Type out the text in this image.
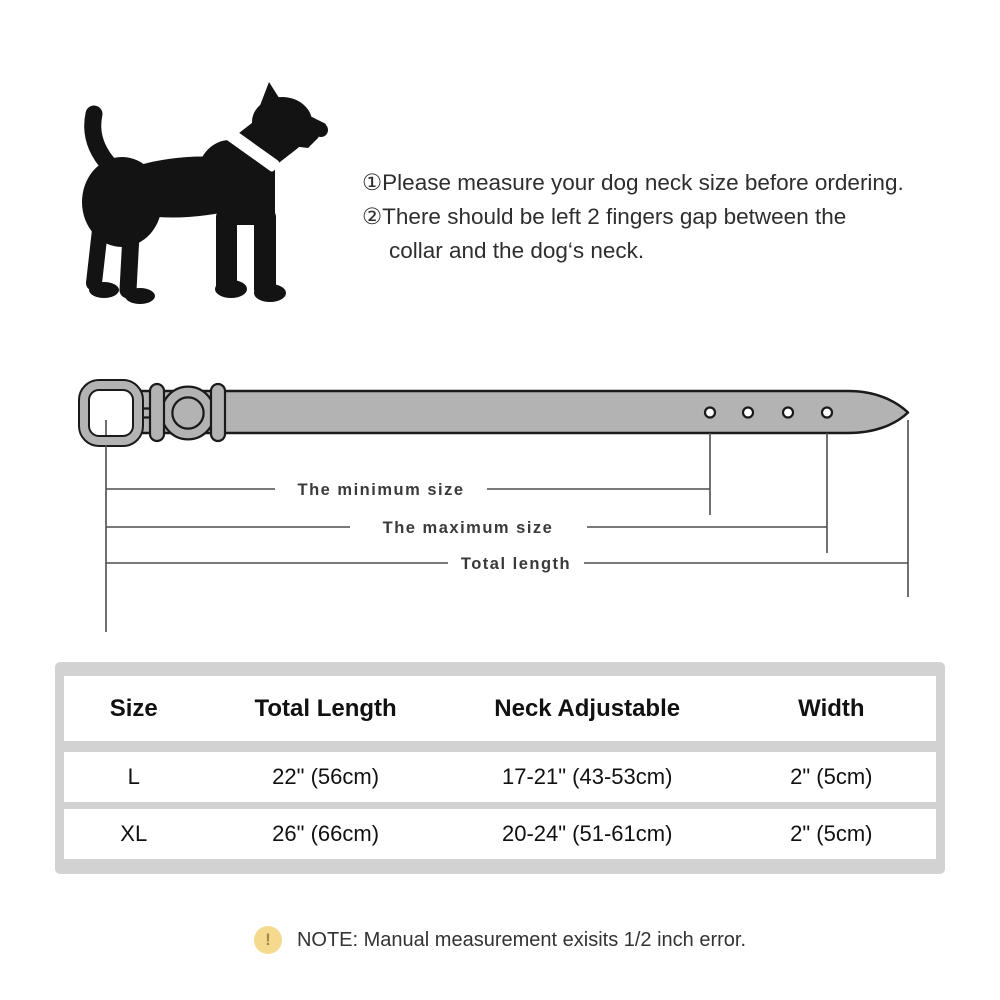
①Please measure your dog neck size before ordering.
②There should be left 2 fingers gap between the
collar and the dog‘s neck.
The minimum size
The maximum size
Total length
Size	Total Length	Neck Adjustable	Width
L	22" (56cm)	17-21" (43-53cm)	2" (5cm)
XL	26" (66cm)	20-24" (51-61cm)	2" (5cm)
!	NOTE: Manual measurement exisits 1/2 inch error.
